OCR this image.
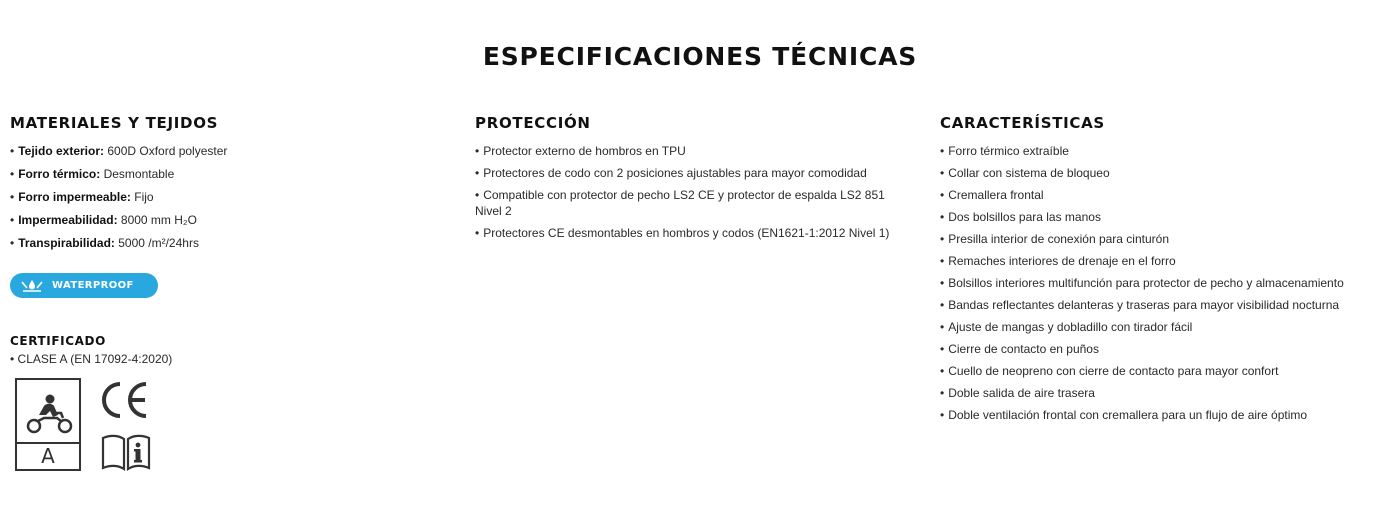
ESPECIFICACIONES TÉCNICAS
MATERIALES Y TEJIDOS
• Tejido exterior: 600D Oxford polyester
• Forro térmico: Desmontable
• Forro impermeable: Fijo
• Impermeabilidad: 8000 mm H₂O
• Transpirabilidad: 5000 /m²/24hrs
WATERPROOF
CERTIFICADO
• CLASE A (EN 17092-4:2020)
A
PROTECCIÓN
• Protector externo de hombros en TPU
• Protectores de codo con 2 posiciones ajustables para mayor comodidad
• Compatible con protector de pecho LS2 CE y protector de espalda LS2 851 Nivel 2
• Protectores CE desmontables en hombros y codos (EN1621-1:2012 Nivel 1)
CARACTERÍSTICAS
• Forro térmico extraíble
• Collar con sistema de bloqueo
• Cremallera frontal
• Dos bolsillos para las manos
• Presilla interior de conexión para cinturón
• Remaches interiores de drenaje en el forro
• Bolsillos interiores multifunción para protector de pecho y almacenamiento
• Bandas reflectantes delanteras y traseras para mayor visibilidad nocturna
• Ajuste de mangas y dobladillo con tirador fácil
• Cierre de contacto en puños
• Cuello de neopreno con cierre de contacto para mayor confort
• Doble salida de aire trasera
• Doble ventilación frontal con cremallera para un flujo de aire óptimo
